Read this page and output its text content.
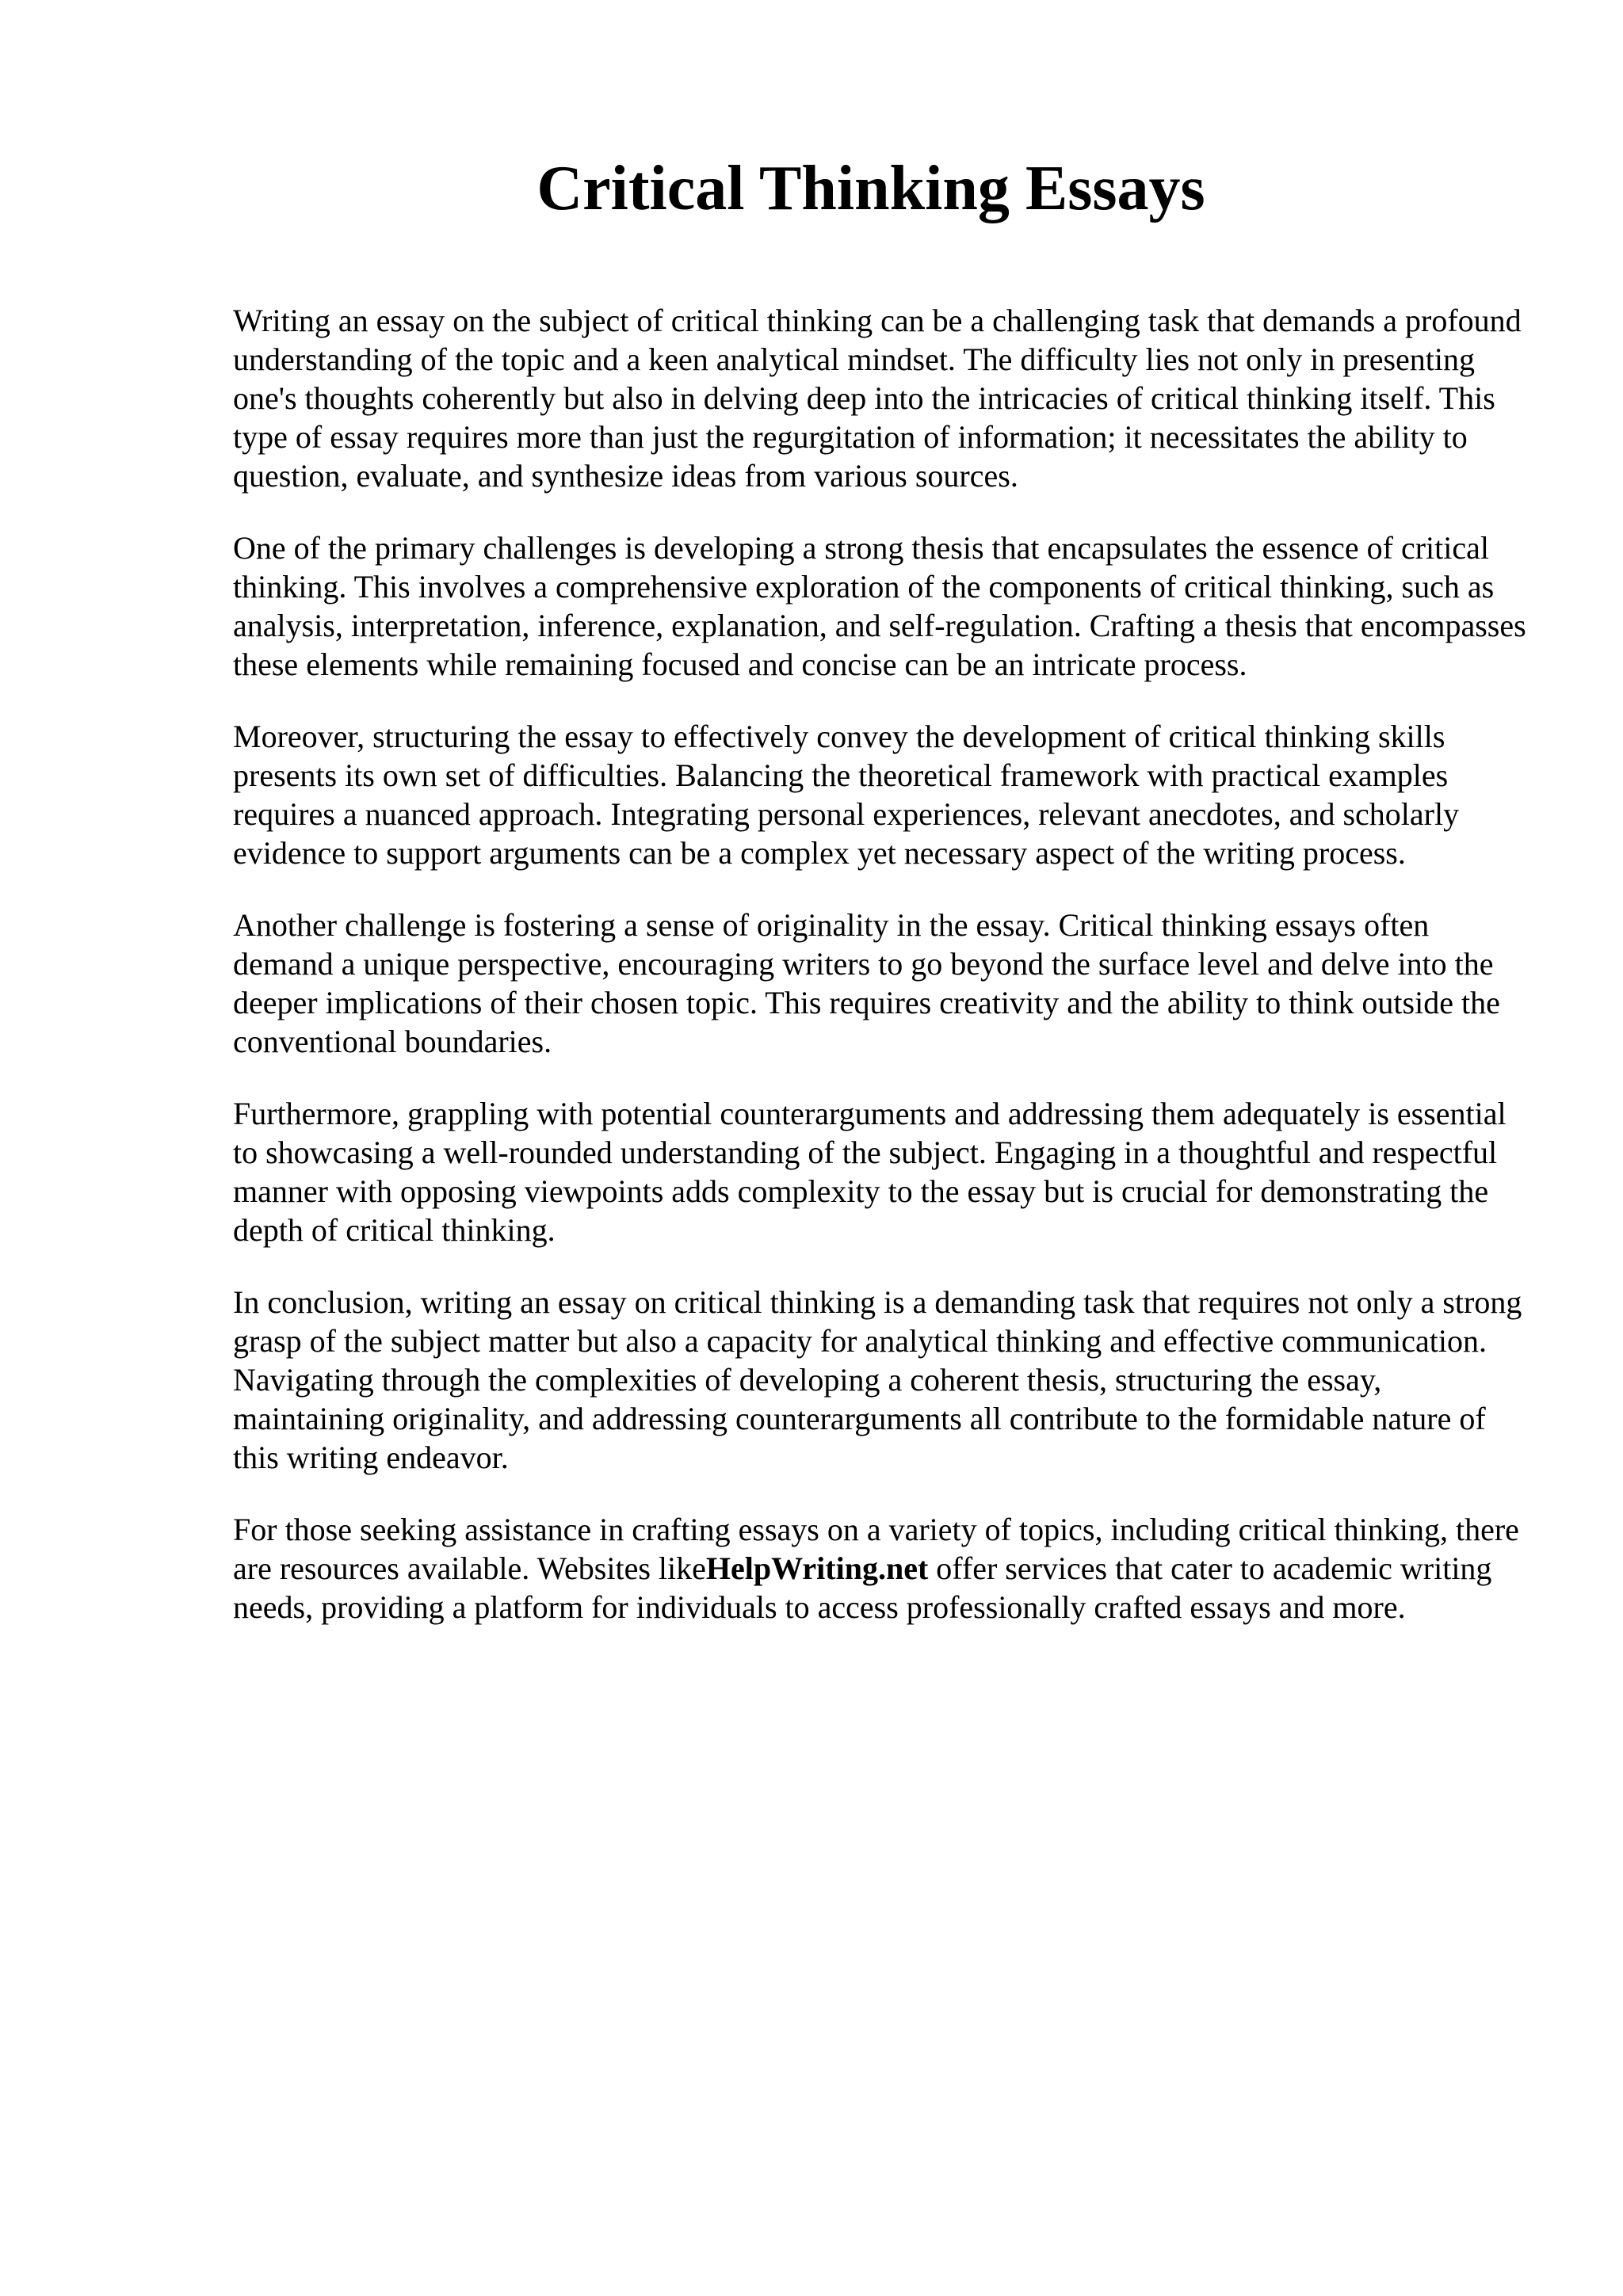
Critical Thinking Essays

Writing an essay on the subject of critical thinking can be a challenging task that demands a profound understanding of the topic and a keen analytical mindset. The difficulty lies not only in presenting one's thoughts coherently but also in delving deep into the intricacies of critical thinking itself. This type of essay requires more than just the regurgitation of information; it necessitates the ability to question, evaluate, and synthesize ideas from various sources.

One of the primary challenges is developing a strong thesis that encapsulates the essence of critical thinking. This involves a comprehensive exploration of the components of critical thinking, such as analysis, interpretation, inference, explanation, and self-regulation. Crafting a thesis that encompasses these elements while remaining focused and concise can be an intricate process.

Moreover, structuring the essay to effectively convey the development of critical thinking skills presents its own set of difficulties. Balancing the theoretical framework with practical examples requires a nuanced approach. Integrating personal experiences, relevant anecdotes, and scholarly evidence to support arguments can be a complex yet necessary aspect of the writing process.

Another challenge is fostering a sense of originality in the essay. Critical thinking essays often demand a unique perspective, encouraging writers to go beyond the surface level and delve into the deeper implications of their chosen topic. This requires creativity and the ability to think outside the conventional boundaries.

Furthermore, grappling with potential counterarguments and addressing them adequately is essential to showcasing a well-rounded understanding of the subject. Engaging in a thoughtful and respectful manner with opposing viewpoints adds complexity to the essay but is crucial for demonstrating the depth of critical thinking.

In conclusion, writing an essay on critical thinking is a demanding task that requires not only a strong grasp of the subject matter but also a capacity for analytical thinking and effective communication. Navigating through the complexities of developing a coherent thesis, structuring the essay, maintaining originality, and addressing counterarguments all contribute to the formidable nature of this writing endeavor.

For those seeking assistance in crafting essays on a variety of topics, including critical thinking, there are resources available. Websites likeHelpWriting.net offer services that cater to academic writing needs, providing a platform for individuals to access professionally crafted essays and more.
